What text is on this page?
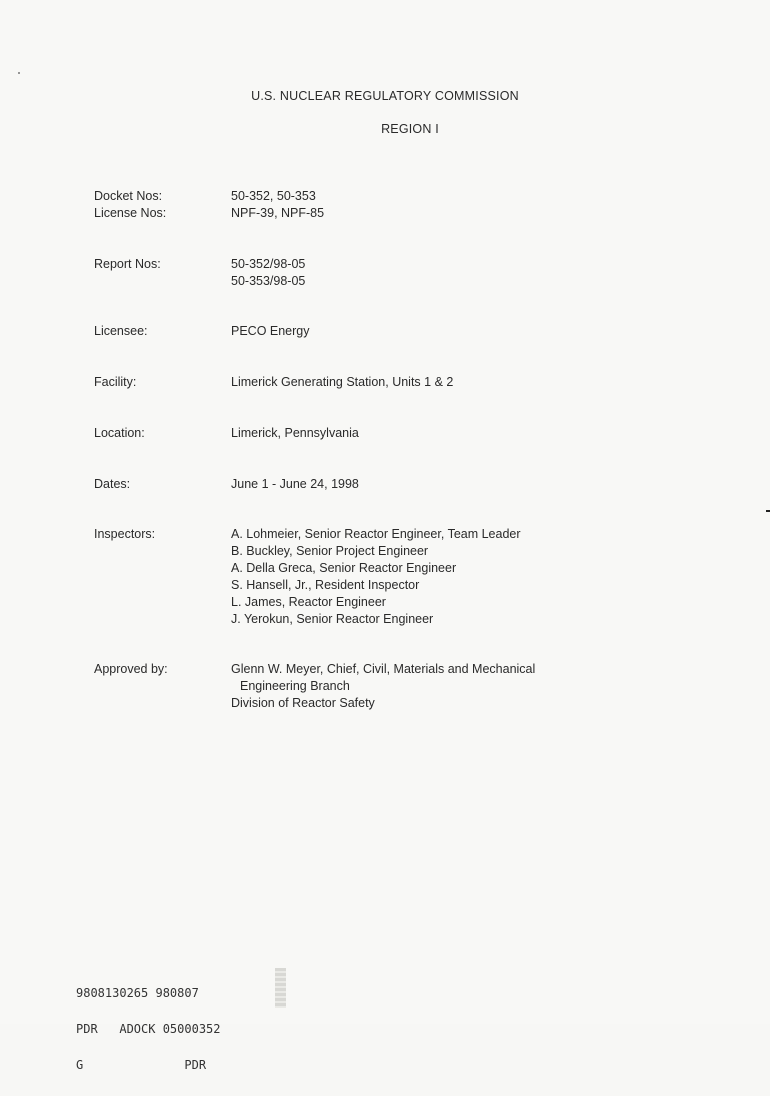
U.S. NUCLEAR REGULATORY COMMISSION
REGION I
Docket Nos:	50-352, 50-353
License Nos:	NPF-39, NPF-85
Report Nos:	50-352/98-05
50-353/98-05
Licensee:	PECO Energy
Facility:	Limerick Generating Station, Units 1 & 2
Location:	Limerick, Pennsylvania
Dates:	June 1 - June 24, 1998
Inspectors:	A. Lohmeier, Senior Reactor Engineer, Team Leader
B. Buckley, Senior Project Engineer
A. Della Greca, Senior Reactor Engineer
S. Hansell, Jr., Resident Inspector
L. James, Reactor Engineer
J. Yerokun, Senior Reactor Engineer
Approved by:	Glenn W. Meyer, Chief, Civil, Materials and Mechanical
Engineering Branch
Division of Reactor Safety

9808130265 980807

PDR   ADOCK 05000352

G              PDR
